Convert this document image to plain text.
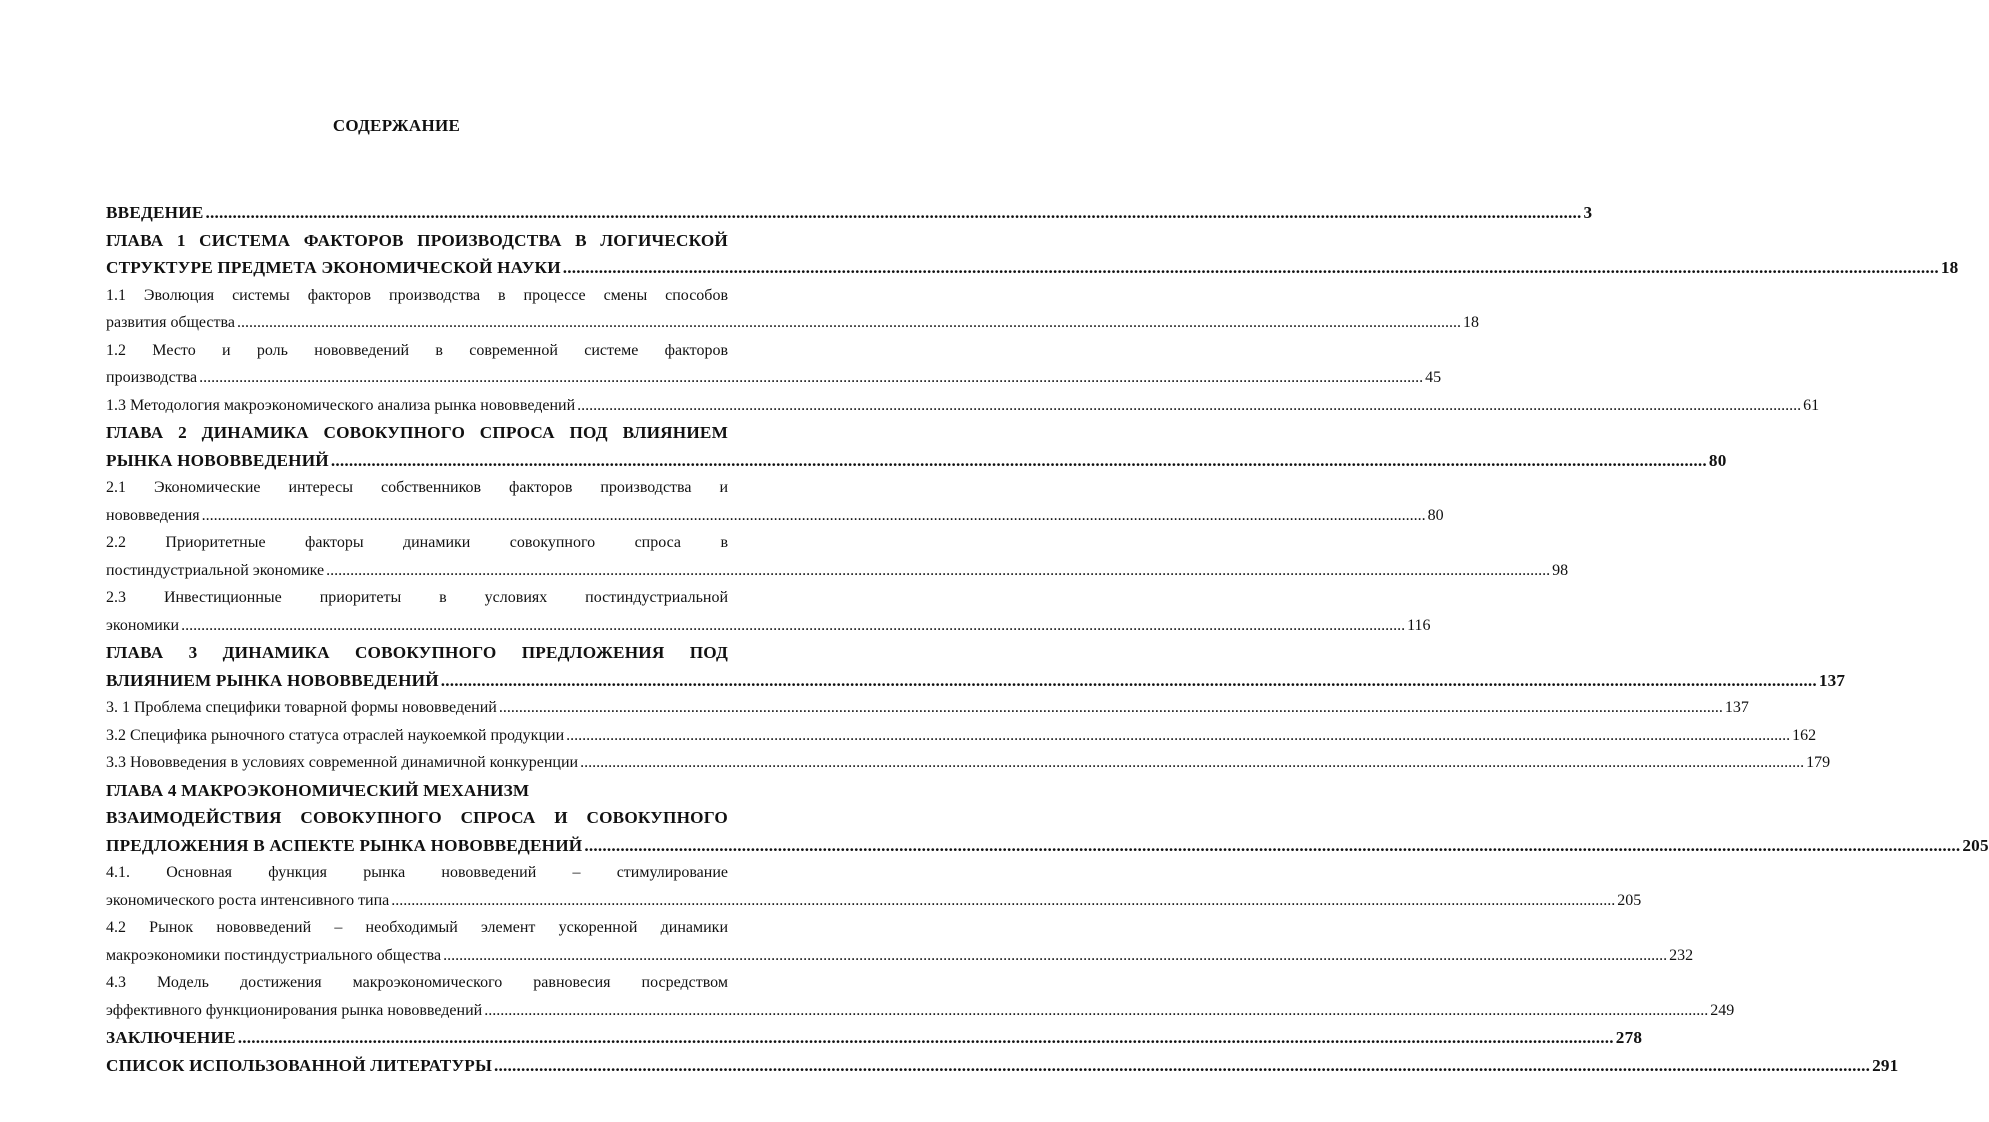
СОДЕРЖАНИЕ
ВВЕДЕНИЕ .................................................................................................................................................................................................................................................................................................................. 3
ГЛАВА 1 СИСТЕМА ФАКТОРОВ ПРОИЗВОДСТВА В ЛОГИЧЕСКОЙ
СТРУКТУРЕ ПРЕДМЕТА ЭКОНОМИЧЕСКОЙ НАУКИ .................................................................................................................................................................................................................................................................................................................. 18
1.1 Эволюция системы факторов производства в процессе смены способов
развития общества .................................................................................................................................................................................................................................................................................................................. 18
1.2 Место и роль нововведений в современной системе факторов
производства .................................................................................................................................................................................................................................................................................................................. 45
1.3 Методология макроэкономического анализа рынка нововведений .................................................................................................................................................................................................................................................................................................................. 61
ГЛАВА 2 ДИНАМИКА СОВОКУПНОГО СПРОСА ПОД ВЛИЯНИЕМ
РЫНКА НОВОВВЕДЕНИЙ .................................................................................................................................................................................................................................................................................................................. 80
2.1 Экономические интересы собственников факторов производства и
нововведения .................................................................................................................................................................................................................................................................................................................. 80
2.2 Приоритетные факторы динамики совокупного спроса в
постиндустриальной экономике .................................................................................................................................................................................................................................................................................................................. 98
2.3 Инвестиционные приоритеты в условиях постиндустриальной
экономики .................................................................................................................................................................................................................................................................................................................. 116
ГЛАВА 3 ДИНАМИКА СОВОКУПНОГО ПРЕДЛОЖЕНИЯ ПОД
ВЛИЯНИЕМ РЫНКА НОВОВВЕДЕНИЙ .................................................................................................................................................................................................................................................................................................................. 137
3. 1 Проблема специфики товарной формы нововведений .................................................................................................................................................................................................................................................................................................................. 137
3.2 Специфика рыночного статуса отраслей наукоемкой продукции .................................................................................................................................................................................................................................................................................................................. 162
3.3 Нововведения в условиях современной динамичной конкуренции .................................................................................................................................................................................................................................................................................................................. 179
ГЛАВА 4 МАКРОЭКОНОМИЧЕСКИЙ МЕХАНИЗМ
ВЗАИМОДЕЙСТВИЯ СОВОКУПНОГО СПРОСА И СОВОКУПНОГО
ПРЕДЛОЖЕНИЯ В АСПЕКТЕ РЫНКА НОВОВВЕДЕНИЙ .................................................................................................................................................................................................................................................................................................................. 205
4.1. Основная функция рынка нововведений – стимулирование
экономического роста интенсивного типа .................................................................................................................................................................................................................................................................................................................. 205
4.2 Рынок нововведений – необходимый элемент ускоренной динамики
макроэкономики постиндустриального общества .................................................................................................................................................................................................................................................................................................................. 232
4.3 Модель достижения макроэкономического равновесия посредством
эффективного функционирования рынка нововведений .................................................................................................................................................................................................................................................................................................................. 249
ЗАКЛЮЧЕНИЕ .................................................................................................................................................................................................................................................................................................................. 278
СПИСОК ИСПОЛЬЗОВАННОЙ ЛИТЕРАТУРЫ .................................................................................................................................................................................................................................................................................................................. 291
